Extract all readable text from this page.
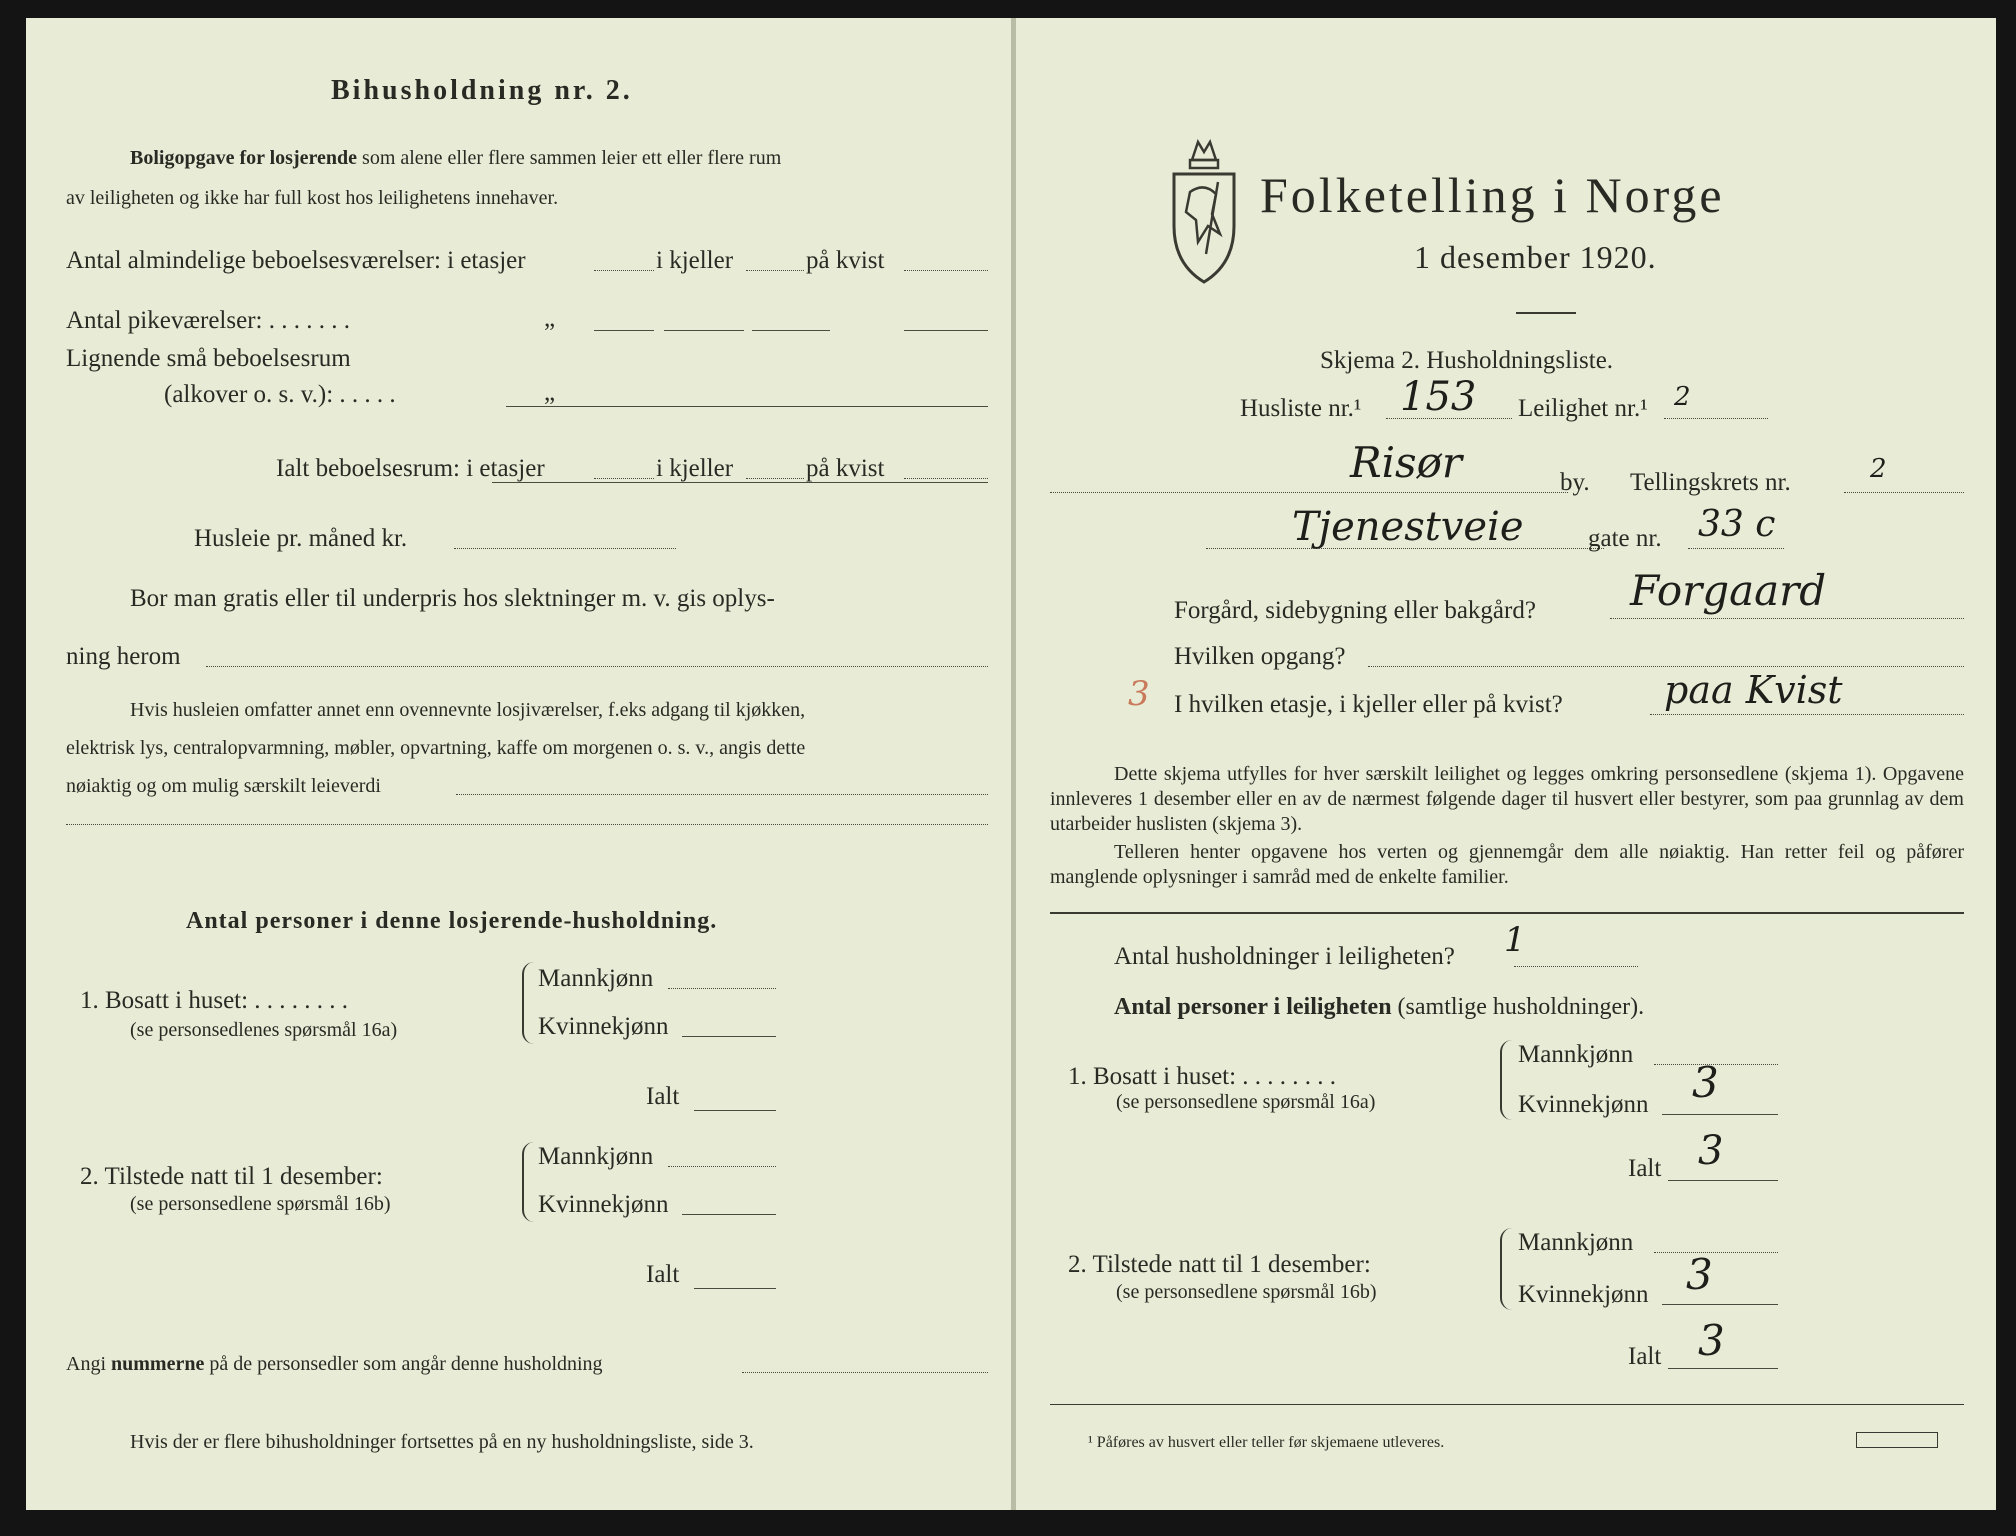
Bihusholdning nr. 2.
Boligopgave for losjerende som alene eller flere sammen leier ett eller flere rum
av leiligheten og ikke har full kost hos leilighetens innehaver.
Antal almindelige beboelsesværelser: i etasjer	i kjeller	på kvist
Antal pikeværelser: . . . . . . .	„
Lignende små beboelsesrum
(alkover o. s. v.): . . . . .	„
Ialt beboelsesrum: i etasjer	i kjeller	på kvist
Husleie pr. måned kr.
Bor man gratis eller til underpris hos slektninger m. v. gis oplys-
ning herom
Hvis husleien omfatter annet enn ovennevnte losjiværelser, f.eks adgang til kjøkken,
elektrisk lys, centralopvarmning, møbler, opvartning, kaffe om morgenen o. s. v., angis dette
nøiaktig og om mulig særskilt leieverdi
Antal personer i denne losjerende-husholdning.
1. Bosatt i huset: . . . . . . . .
(se personsedlenes spørsmål 16a)
Mannkjønn
Kvinnekjønn
Ialt
2. Tilstede natt til 1 desember:
(se personsedlene spørsmål 16b)
Mannkjønn
Kvinnekjønn
Ialt
Angi nummerne på de personsedler som angår denne husholdning
Hvis der er flere bihusholdninger fortsettes på en ny husholdningsliste, side 3.
Folketelling i Norge
1 desember 1920.
Skjema 2. Husholdningsliste.
Husliste nr.¹ 153 Leilighet nr.¹ 2
Risør	by. Tellingskrets nr.	2
Tjenestveie	gate nr. 33 c
Forgård, sidebygning eller bakgård? Forgaard
Hvilken opgang?
3 I hvilken etasje, i kjeller eller på kvist?	paa Kvist
Dette skjema utfylles for hver særskilt leilighet og legges omkring personsedlene (skjema 1). Opgavene innleveres 1 desember eller en av de nærmest følgende dager til husvert eller bestyrer, som paa grunnlag av dem utarbeider huslisten (skjema 3).
Telleren henter opgavene hos verten og gjennemgår dem alle nøiaktig. Han retter feil og påfører manglende oplysninger i samråd med de enkelte familier.
Antal husholdninger i leiligheten? 1
Antal personer i leiligheten (samtlige husholdninger).
1. Bosatt i huset: . . . . . . . .
(se personsedlene spørsmål 16a)
Mannkjønn
Kvinnekjønn 3
Ialt 3
2. Tilstede natt til 1 desember:
(se personsedlene spørsmål 16b)
Mannkjønn
Kvinnekjønn 3
Ialt 3
¹ Påføres av husvert eller teller før skjemaene utleveres.
